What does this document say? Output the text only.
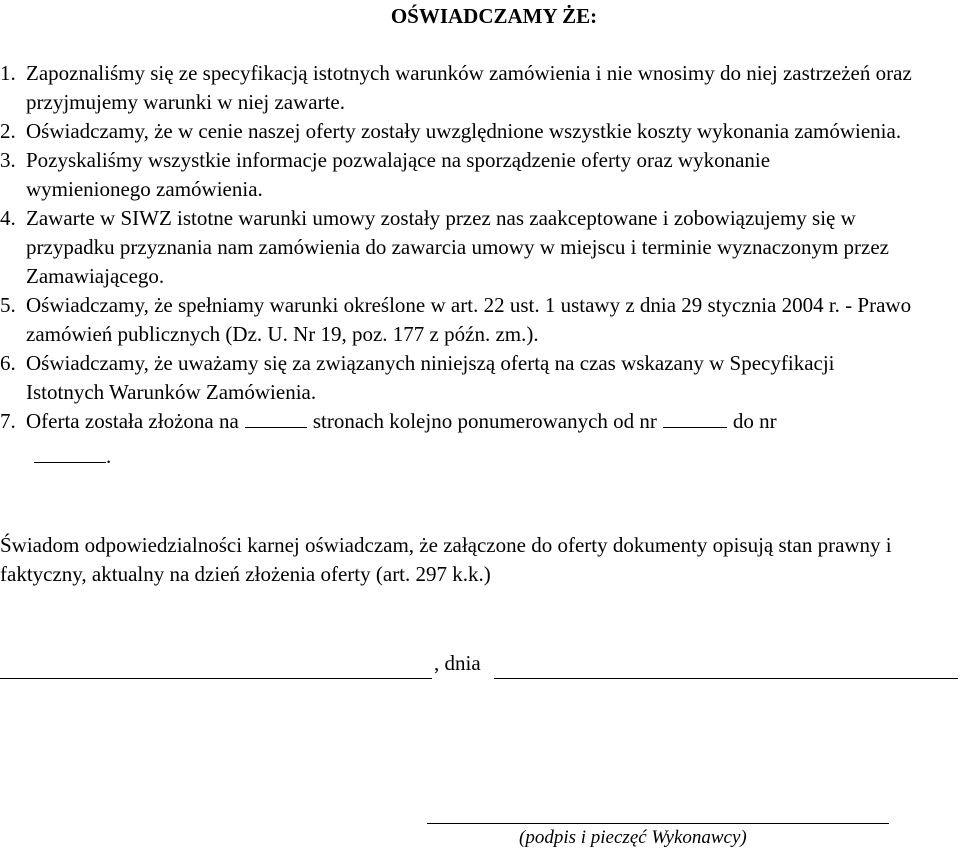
OŚWIADCZAMY ŻE:
1. Zapoznaliśmy się ze specyfikacją istotnych warunków zamówienia i nie wnosimy do niej zastrzeżeń oraz przyjmujemy warunki w niej zawarte.
2. Oświadczamy, że w cenie naszej oferty zostały uwzględnione wszystkie koszty wykonania zamówienia.
3. Pozyskaliśmy wszystkie informacje pozwalające na sporządzenie oferty oraz wykonanie wymienionego zamówienia.
4. Zawarte w SIWZ istotne warunki umowy zostały przez nas zaakceptowane i zobowiązujemy się w przypadku przyznania nam zamówienia do zawarcia umowy w miejscu i terminie wyznaczonym przez Zamawiającego.
5. Oświadczamy, że spełniamy warunki określone w art. 22 ust. 1 ustawy z dnia 29 stycznia 2004 r. - Prawo zamówień publicznych (Dz. U. Nr 19, poz. 177 z późn. zm.).
6. Oświadczamy, że uważamy się za związanych niniejszą ofertą na czas wskazany w Specyfikacji Istotnych Warunków Zamówienia.
7. Oferta została złożona na	stronach kolejno ponumerowanych od nr	do nr
.

Świadom odpowiedzialności karnej oświadczam, że załączone do oferty dokumenty opisują stan prawny i faktyczny, aktualny na dzień złożenia oferty (art. 297 k.k.)

, dnia
(podpis i pieczęć Wykonawcy)
